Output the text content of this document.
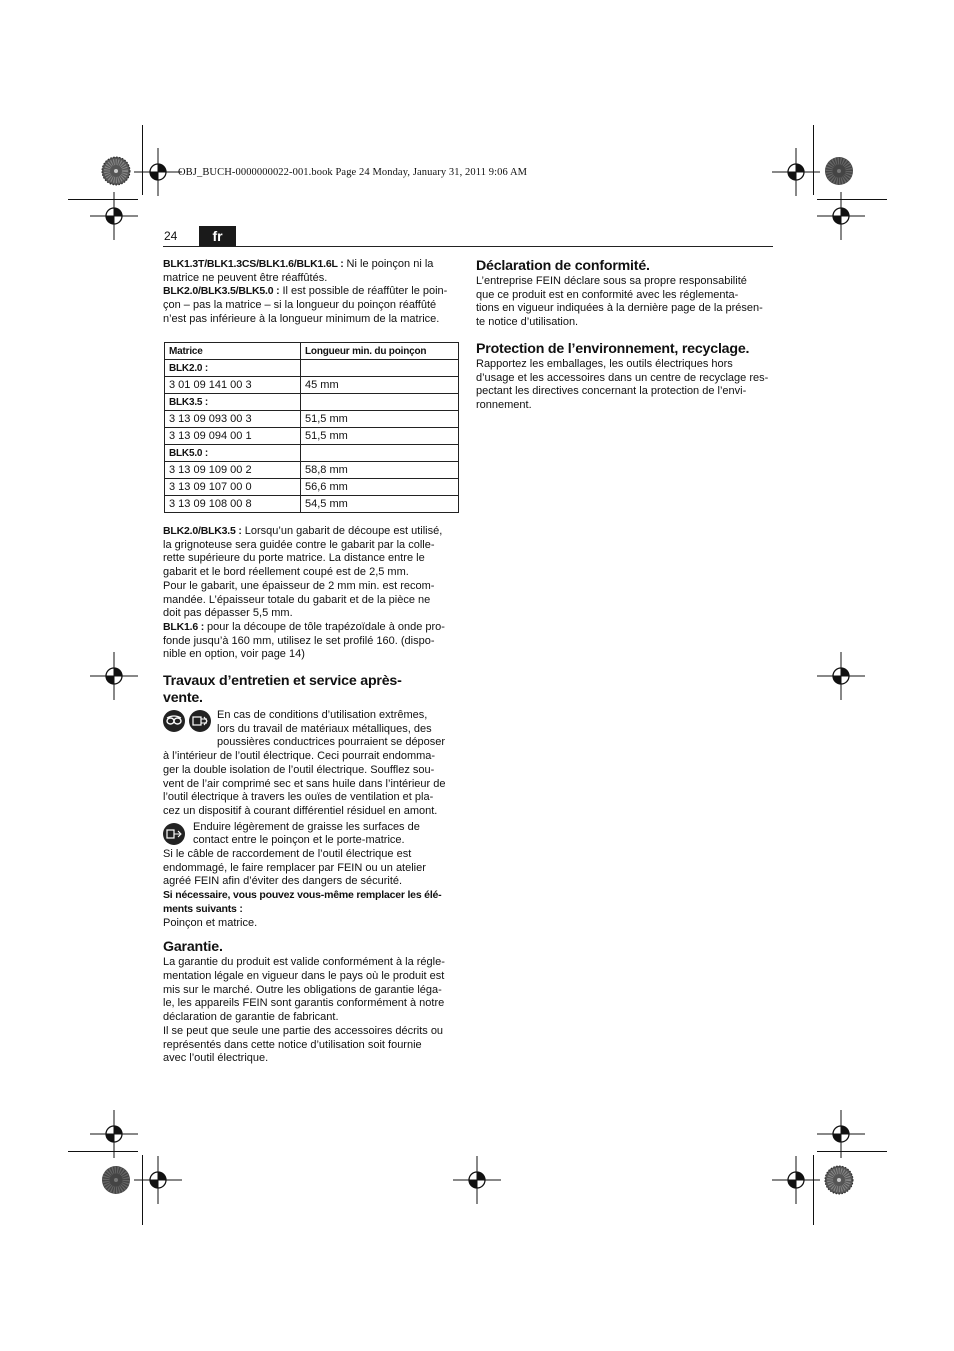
OBJ_BUCH-0000000022-001.book Page 24 Monday, January 31, 2011 9:06 AM
24	fr

BLK1.3T/BLK1.3CS/BLK1.6/BLK1.6L : Ni le poinçon ni la
matrice ne peuvent être réaffûtés.

BLK2.0/BLK3.5/BLK5.0 : Il est possible de réaffûter le poin-
çon – pas la matrice – si la longueur du poinçon réaffûté
n’est pas inférieure à la longueur minimum de la matrice.

Matrice	Longueur min. du poinçon
BLK2.0 :	
3 01 09 141 00 3	45 mm
BLK3.5 :	
3 13 09 093 00 3	51,5 mm
3 13 09 094 00 1	51,5 mm
BLK5.0 :	
3 13 09 109 00 2	58,8 mm
3 13 09 107 00 0	56,6 mm
3 13 09 108 00 8	54,5 mm

BLK2.0/BLK3.5 : Lorsqu’un gabarit de découpe est utilisé,
la grignoteuse sera guidée contre le gabarit par la colle-
rette supérieure du porte matrice. La distance entre le
gabarit et le bord réellement coupé est de 2,5 mm.
Pour le gabarit, une épaisseur de 2 mm min. est recom-
mandée. L’épaisseur totale du gabarit et de la pièce ne
doit pas dépasser 5,5 mm.

BLK1.6 : pour la découpe de tôle trapézoïdale à onde pro-
fonde jusqu’à 160 mm, utilisez le set profilé 160. (dispo-
nible en option, voir page 14)

Travaux d’entretien et service après-
vente.

En cas de conditions d’utilisation extrêmes,
lors du travail de matériaux métalliques, des
poussières conductrices pourraient se déposer

à l’intérieur de l’outil électrique. Ceci pourrait endomma-
ger la double isolation de l’outil électrique. Soufflez sou-
vent de l’air comprimé sec et sans huile dans l’intérieur de
l’outil électrique à travers les ouïes de ventilation et pla-
cez un dispositif à courant différentiel résiduel en amont.

Enduire légèrement de graisse les surfaces de
contact entre le poinçon et le porte-matrice.

Si le câble de raccordement de l’outil électrique est
endommagé, le faire remplacer par FEIN ou un atelier
agréé FEIN afin d’éviter des dangers de sécurité.

Si nécessaire, vous pouvez vous-même remplacer les élé-
ments suivants :

Poinçon et matrice.

Garantie.

La garantie du produit est valide conformément à la régle-
mentation légale en vigueur dans le pays où le produit est
mis sur le marché. Outre les obligations de garantie léga-
le, les appareils FEIN sont garantis conformément à notre
déclaration de garantie de fabricant.
Il se peut que seule une partie des accessoires décrits ou
représentés dans cette notice d’utilisation soit fournie
avec l’outil électrique.

Déclaration de conformité.

L’entreprise FEIN déclare sous sa propre responsabilité
que ce produit est en conformité avec les réglementa-
tions en vigueur indiquées à la dernière page de la présen-
te notice d’utilisation.

Protection de l’environnement, recyclage.

Rapportez les emballages, les outils électriques hors
d’usage et les accessoires dans un centre de recyclage res-
pectant les directives concernant la protection de l’envi-
ronnement.
